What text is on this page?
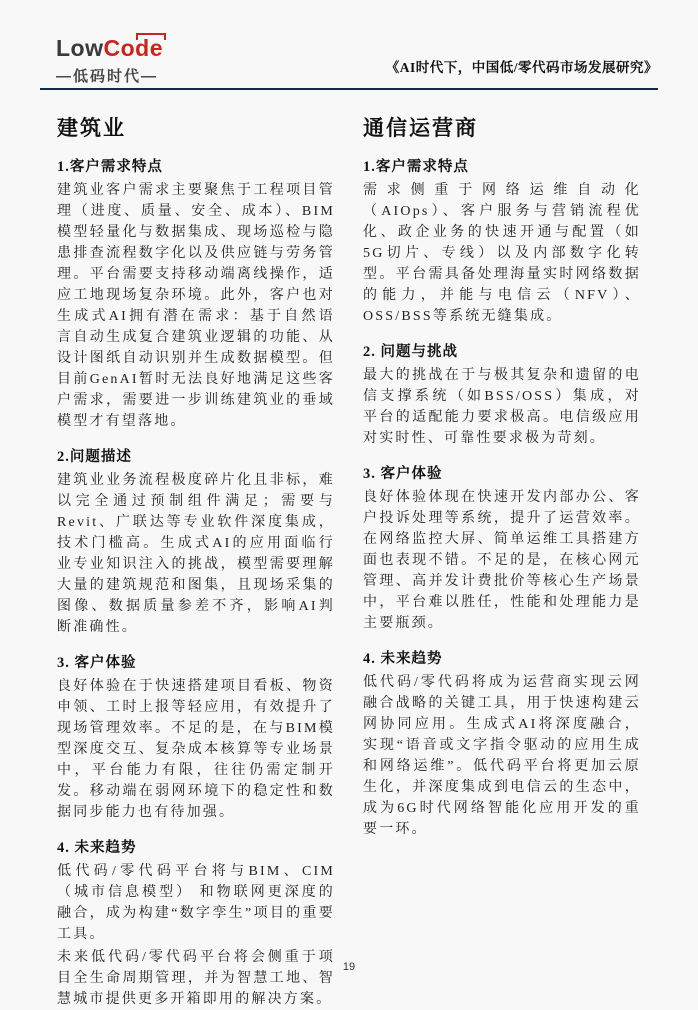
LowCode
—低码时代—
《AI时代下，中国低/零代码市场发展研究》
建筑业
1.客户需求特点

建筑业客户需求主要聚焦于工程项目管理（进度、质量、安全、成本）、BIM模型轻量化与数据集成、现场巡检与隐患排查流程数字化以及供应链与劳务管理。平台需要支持移动端离线操作，适应工地现场复杂环境。此外，客户也对生成式AI拥有潜在需求：基于自然语言自动生成复合建筑业逻辑的功能、从设计图纸自动识别并生成数据模型。但目前GenAI暂时无法良好地满足这些客户需求，需要进一步训练建筑业的垂域模型才有望落地。

2.问题描述

建筑业业务流程极度碎片化且非标，难以完全通过预制组件满足；需要与Revit、广联达等专业软件深度集成，技术门槛高。生成式AI的应用面临行业专业知识注入的挑战，模型需要理解大量的建筑规范和图集，且现场采集的图像、数据质量参差不齐，影响AI判断准确性。

3. 客户体验

良好体验在于快速搭建项目看板、物资申领、工时上报等轻应用，有效提升了现场管理效率。不足的是，在与BIM模型深度交互、复杂成本核算等专业场景中，平台能力有限，往往仍需定制开发。移动端在弱网环境下的稳定性和数据同步能力也有待加强。

4. 未来趋势

低代码/零代码平台将与BIM、CIM（城市信息模型） 和物联网更深度的融合，成为构建“数字孪生”项目的重要工具。

未来低代码/零代码平台将会侧重于项目全生命周期管理，并为智慧工地、智慧城市提供更多开箱即用的解决方案。

通信运营商
1.客户需求特点

需求侧重于网络运维自动化（AIOps）、客户服务与营销流程优化、政企业务的快速开通与配置（如5G切片、专线）以及内部数字化转型。平台需具备处理海量实时网络数据的能力，并能与电信云（NFV）、OSS/BSS等系统无缝集成。

2. 问题与挑战

最大的挑战在于与极其复杂和遗留的电信支撑系统（如BSS/OSS）集成，对平台的适配能力要求极高。电信级应用对实时性、可靠性要求极为苛刻。

3. 客户体验

良好体验体现在快速开发内部办公、客户投诉处理等系统，提升了运营效率。在网络监控大屏、简单运维工具搭建方面也表现不错。不足的是，在核心网元管理、高并发计费批价等核心生产场景中，平台难以胜任，性能和处理能力是主要瓶颈。

4. 未来趋势

低代码/零代码将成为运营商实现云网融合战略的关键工具，用于快速构建云网协同应用。生成式AI将深度融合，实现“语音或文字指令驱动的应用生成和网络运维”。低代码平台将更加云原生化，并深度集成到电信云的生态中，成为6G时代网络智能化应用开发的重要一环。

19
